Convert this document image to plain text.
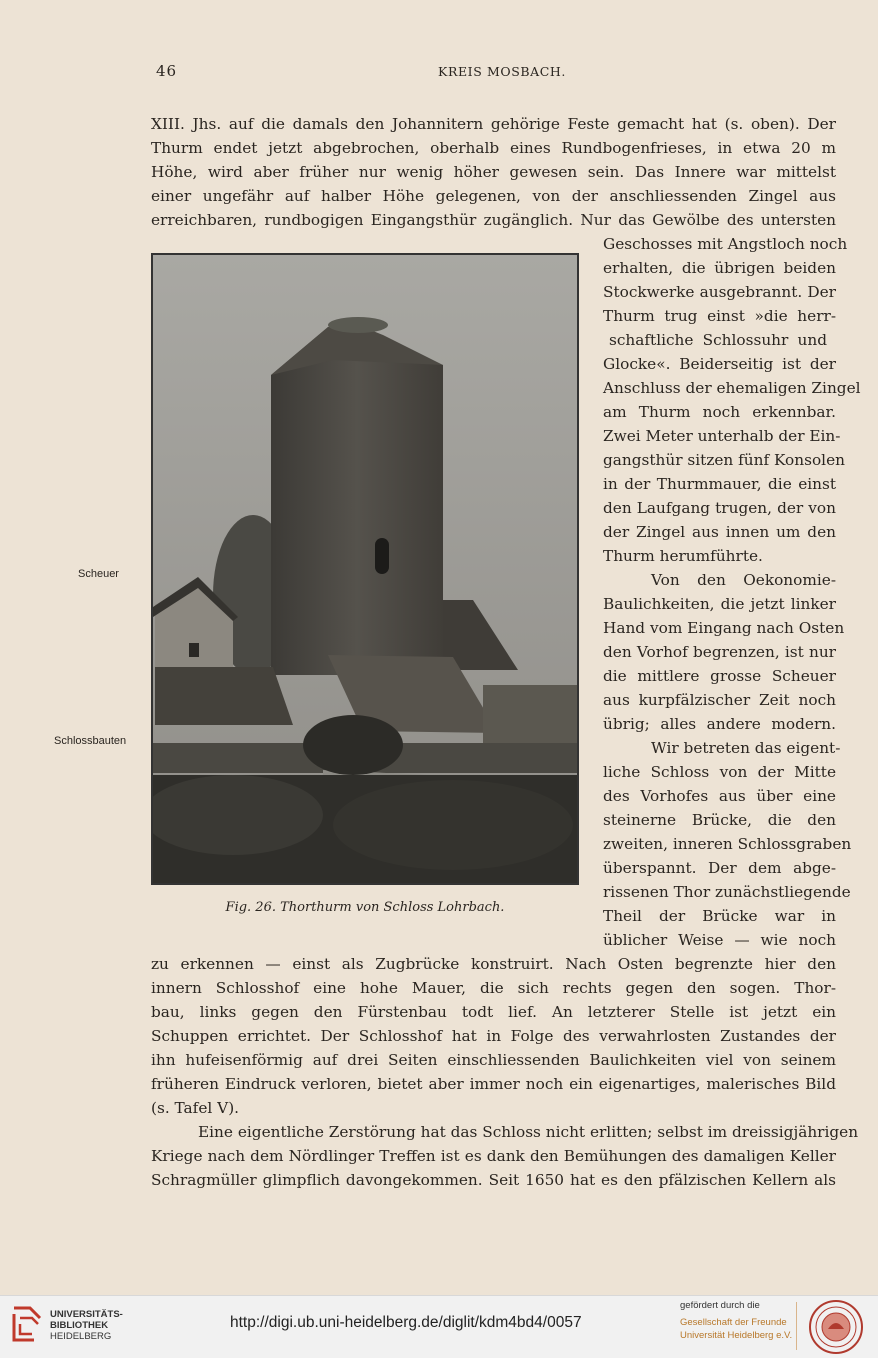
46	KREIS MOSBACH.
XIII. Jhs. auf die damals den Johannitern gehörige Feste gemacht hat (s. oben). Der
Thurm endet jetzt abgebrochen, oberhalb eines Rundbogenfrieses, in etwa 20 m
Höhe, wird aber früher nur wenig höher gewesen sein. Das Innere war mittelst
einer ungefähr auf halber Höhe gelegenen, von der anschliessenden Zingel aus
erreichbaren, rundbogigen Eingangsthür zugänglich. Nur das Gewölbe des untersten
Geschosses mit Angstloch noch
erhalten, die übrigen beiden
Stockwerke ausgebrannt. Der
Thurm trug einst »die herr-
schaftliche Schlossuhr und
Glocke«. Beiderseitig ist der
Anschluss der ehemaligen Zingel
am Thurm noch erkennbar.
Zwei Meter unterhalb der Ein-
gangsthür sitzen fünf Konsolen
in der Thurmmauer, die einst
den Laufgang trugen, der von
der Zingel aus innen um den
Thurm herumführte.
Von den Oekonomie-
Baulichkeiten, die jetzt linker
Hand vom Eingang nach Osten
den Vorhof begrenzen, ist nur
die mittlere grosse Scheuer
aus kurpfälzischer Zeit noch
übrig; alles andere modern.
Wir betreten das eigent-
liche Schloss von der Mitte
des Vorhofes aus über eine
steinerne Brücke, die den
zweiten, inneren Schlossgraben
überspannt. Der dem abge-
rissenen Thor zunächstliegende
Theil der Brücke war in
üblicher Weise — wie noch
zu erkennen — einst als Zugbrücke konstruirt. Nach Osten begrenzte hier den
innern Schlosshof eine hohe Mauer, die sich rechts gegen den sogen. Thor-
bau, links gegen den Fürstenbau todt lief. An letzterer Stelle ist jetzt ein
Schuppen errichtet. Der Schlosshof hat in Folge des verwahrlosten Zustandes der
ihn hufeisenförmig auf drei Seiten einschliessenden Baulichkeiten viel von seinem
früheren Eindruck verloren, bietet aber immer noch ein eigenartiges, malerisches Bild
(s. Tafel V).
Eine eigentliche Zerstörung hat das Schloss nicht erlitten; selbst im dreissigjährigen
Kriege nach dem Nördlinger Treffen ist es dank den Bemühungen des damaligen Keller
Schragmüller glimpflich davongekommen. Seit 1650 hat es den pfälzischen Kellern als
Scheuer
Schlossbauten
Fig. 26. Thorthurm von Schloss Lohrbach.
UNIVERSITÄTS-
BIBLIOTHEK
HEIDELBERG
http://digi.ub.uni-heidelberg.de/diglit/kdm4bd4/0057
gefördert durch die
Gesellschaft der Freunde
Universität Heidelberg e.V.
